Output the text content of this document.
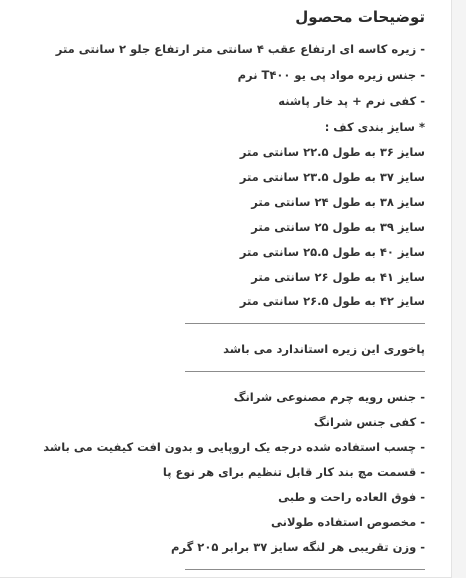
توضیحات محصول

- زیره کاسه ای ارتفاع عقب ۴ سانتی متر ارتفاع جلو ۲ سانتی متر

- جنس زیره مواد پی یو T۴۰۰ نرم

- کفی نرم + پد خار پاشنه

* سایز بندی کف :

سایز ۳۶ به طول ۲۲.۵ سانتی متر

سایز ۳۷ به طول ۲۳.۵ سانتی متر

سایز ۳۸ به طول ۲۴ سانتی متر

سایز ۳۹ به طول ۲۵ سانتی متر

سایز ۴۰ به طول ۲۵.۵ سانتی متر

سایز ۴۱ به طول ۲۶ سانتی متر

سایز ۴۲ به طول ۲۶.۵ سانتی متر

پاخوری این زیره استاندارد می باشد

- جنس رویه چرم مصنوعی شرانگ

- کفی جنس شرانگ

- چسب استفاده شده درجه یک اروپایی و بدون افت کیفیت می باشد

- قسمت مچ بند کار قابل تنظیم برای هر نوع پا

- فوق العاده راحت و طبی

- مخصوص استفاده طولانی

- وزن تقریبی هر لنگه سایز ۳۷ برابر ۲۰۵ گرم
